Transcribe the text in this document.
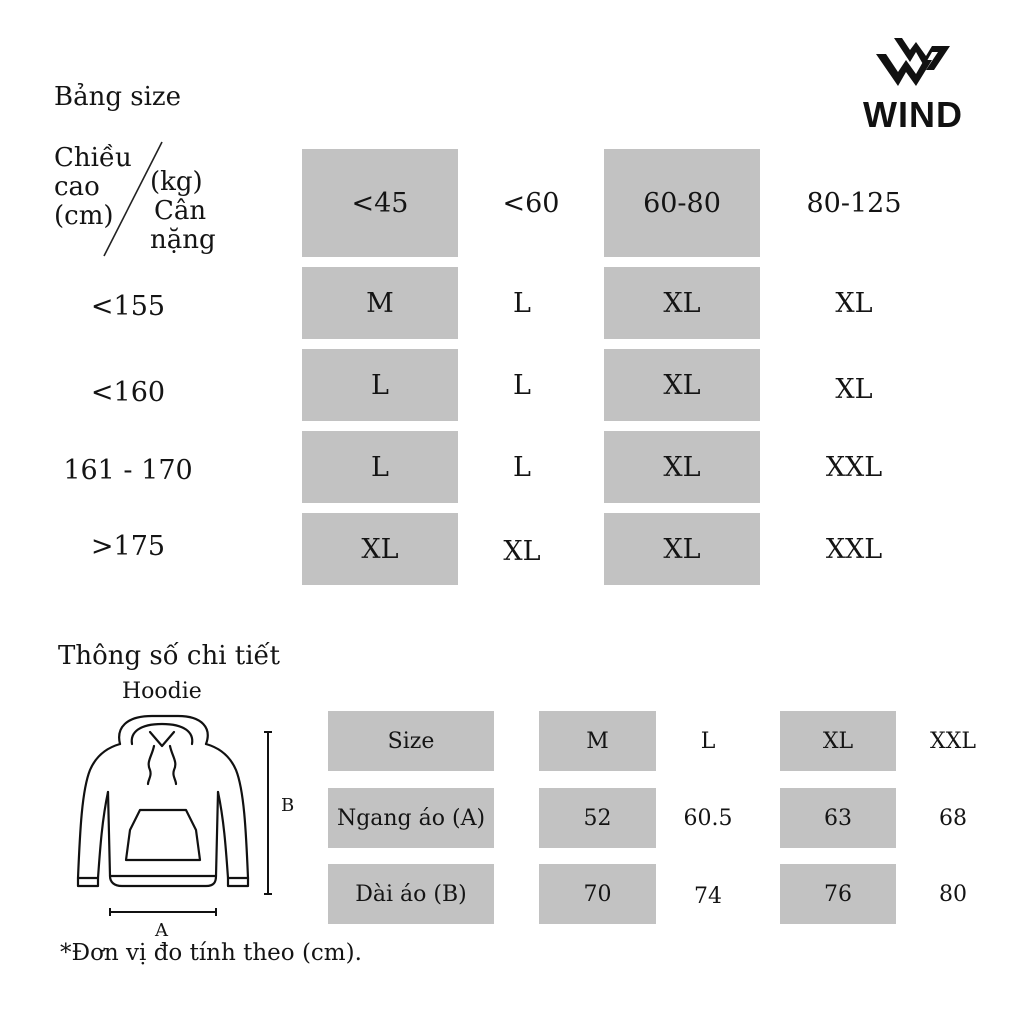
Bảng size	WIND
Chiều
cao
(cm)
(kg)
Cân
nặng
<45	<60	60-80	80-125
<155	M	L	XL	XL
<160	L	L	XL	XL
161 - 170	L	L	XL	XXL
>175	XL	XL	XL	XXL
Thông số chi tiết
Hoodie
B
A
Size	M	L	XL	XXL
Ngang áo (A)	52	60.5	63	68
Dài áo (B)	70	74	76	80
*Đơn vị đo tính theo (cm).
